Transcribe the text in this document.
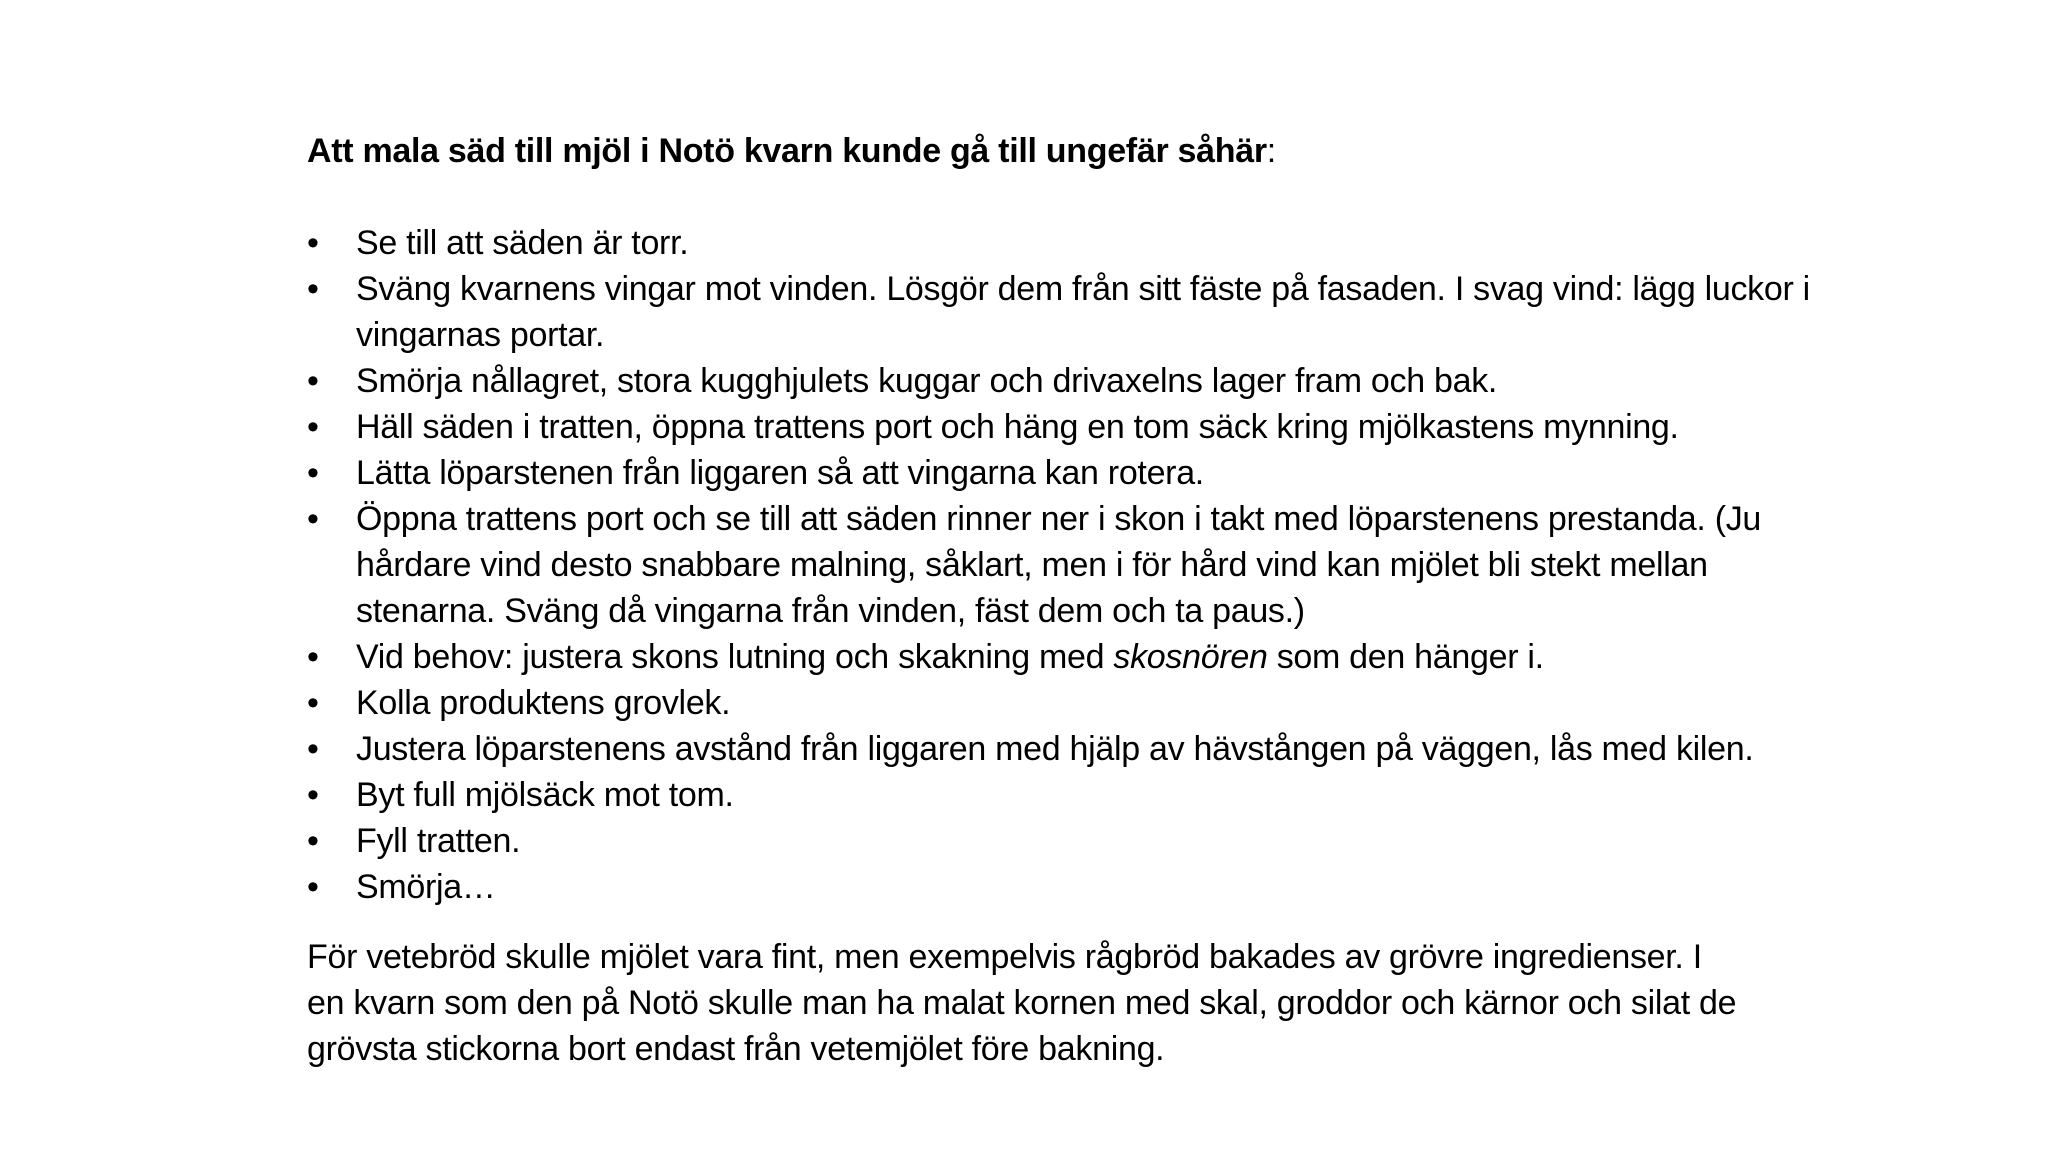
Att mala säd till mjöl i Notö kvarn kunde gå till ungefär såhär:
•	Se till att säden är torr.
•	Sväng kvarnens vingar mot vinden. Lösgör dem från sitt fäste på fasaden. I svag vind: lägg luckor i vingarnas portar.
•	Smörja nållagret, stora kugghjulets kuggar och drivaxelns lager fram och bak.
•	Häll säden i tratten, öppna trattens port och häng en tom säck kring mjölkastens mynning.
•	Lätta löparstenen från liggaren så att vingarna kan rotera.
•	Öppna trattens port och se till att säden rinner ner i skon i takt med löparstenens prestanda. (Ju hårdare vind desto snabbare malning, såklart, men i för hård vind kan mjölet bli stekt mellan stenarna. Sväng då vingarna från vinden, fäst dem och ta paus.)
•	Vid behov: justera skons lutning och skakning med skosnören som den hänger i.
•	Kolla produktens grovlek.
•	Justera löparstenens avstånd från liggaren med hjälp av hävstången på väggen, lås med kilen.
•	Byt full mjölsäck mot tom.
•	Fyll tratten.
•	Smörja…
För vetebröd skulle mjölet vara fint, men exempelvis rågbröd bakades av grövre ingredienser. I
en kvarn som den på Notö skulle man ha malat kornen med skal, groddor och kärnor och silat de
grövsta stickorna bort endast från vetemjölet före bakning.
